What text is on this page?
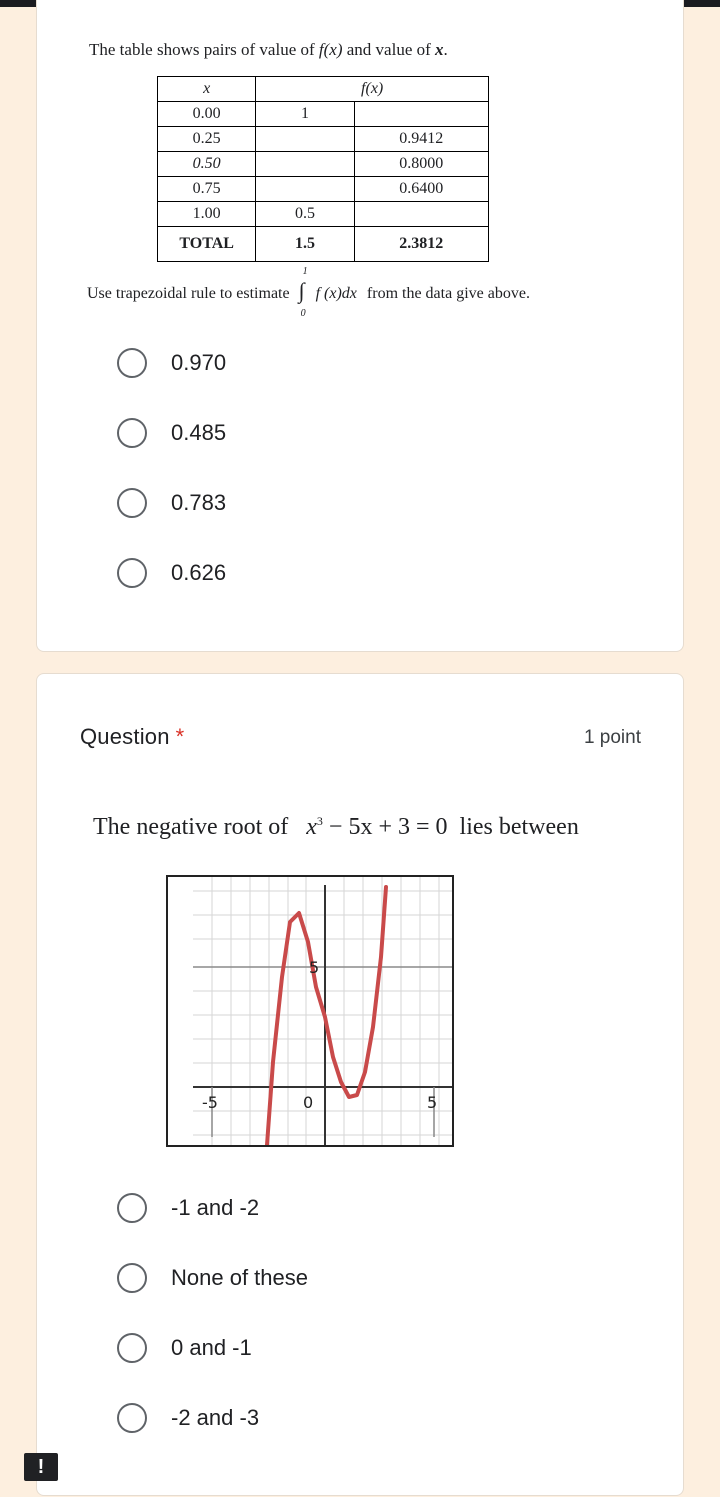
The table shows pairs of value of f(x) and value of x.
x	f(x)	
0.00	1	
0.25		0.9412
0.50		0.8000
0.75		0.6400
1.00	0.5	
TOTAL	1.5	2.3812
Use trapezoidal rule to estimate
1
∫
0
f (x)dx from the data give above.
0.970
0.485
0.783
0.626
Question *	1 point
The negative root of $x^3 - 5x + 3 = 0$ lies between
-5	0	5
5
-1 and -2
None of these
0 and -1
-2 and -3
!
